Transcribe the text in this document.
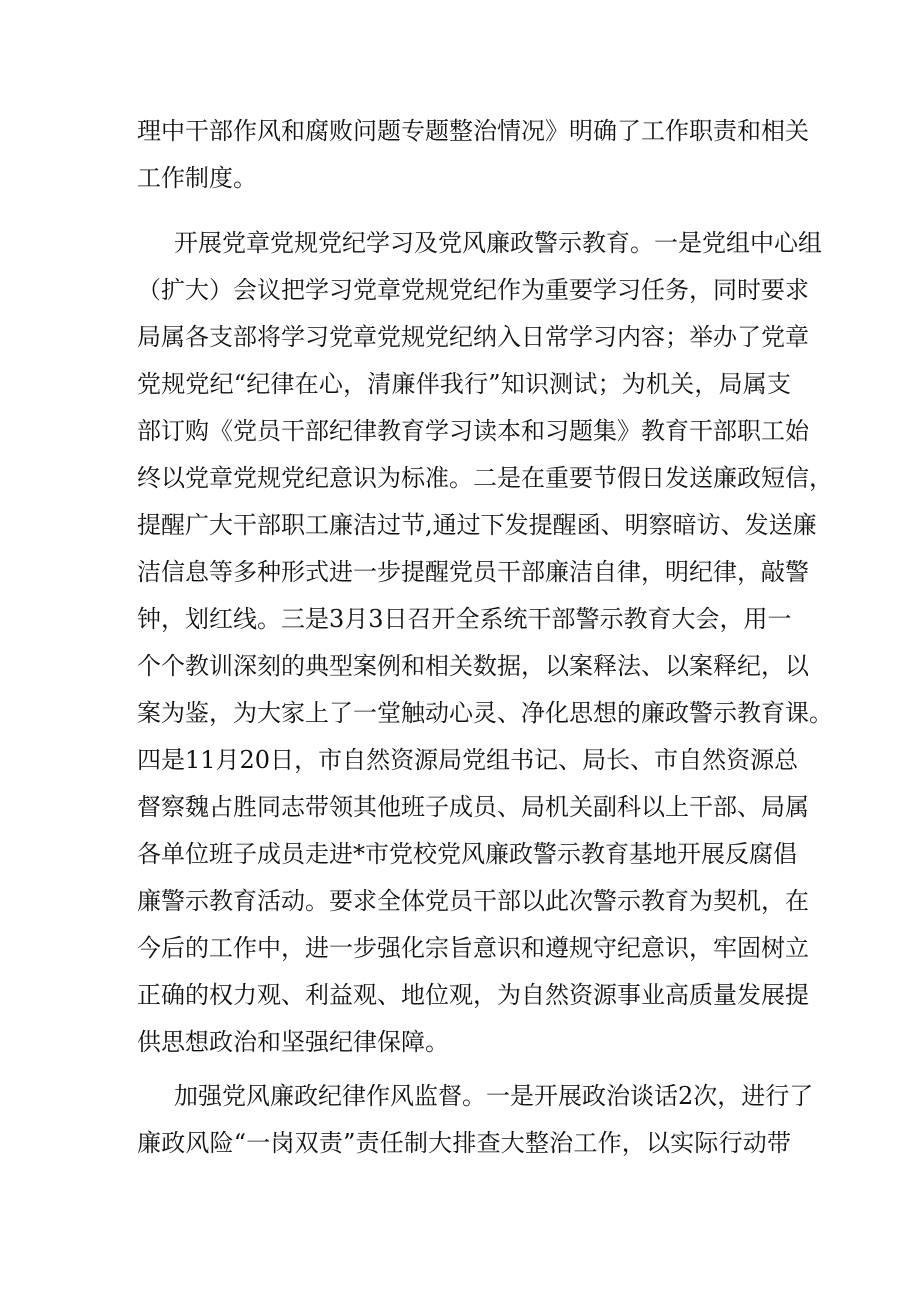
理中干部作风和腐败问题专题整治情况》明确了工作职责和相关
工作制度。
开展党章党规党纪学习及党风廉政警示教育。一是党组中心组
（扩大）会议把学习党章党规党纪作为重要学习任务，同时要求
局属各支部将学习党章党规党纪纳入日常学习内容；举办了党章
党规党纪“纪律在心，清廉伴我行”知识测试；为机关，局属支
部订购《党员干部纪律教育学习读本和习题集》教育干部职工始
终以党章党规党纪意识为标准。二是在重要节假日发送廉政短信，
提醒广大干部职工廉洁过节,通过下发提醒函、明察暗访、发送廉
洁信息等多种形式进一步提醒党员干部廉洁自律，明纪律，敲警
钟，划红线。三是3月3日召开全系统干部警示教育大会，用一
个个教训深刻的典型案例和相关数据，以案释法、以案释纪，以
案为鉴，为大家上了一堂触动心灵、净化思想的廉政警示教育课。
四是11月20日，市自然资源局党组书记、局长、市自然资源总
督察魏占胜同志带领其他班子成员、局机关副科以上干部、局属
各单位班子成员走进*市党校党风廉政警示教育基地开展反腐倡
廉警示教育活动。要求全体党员干部以此次警示教育为契机，在
今后的工作中，进一步强化宗旨意识和遵规守纪意识，牢固树立
正确的权力观、利益观、地位观，为自然资源事业高质量发展提
供思想政治和坚强纪律保障。
加强党风廉政纪律作风监督。一是开展政治谈话2次，进行了
廉政风险“一岗双责”责任制大排查大整治工作，以实际行动带
